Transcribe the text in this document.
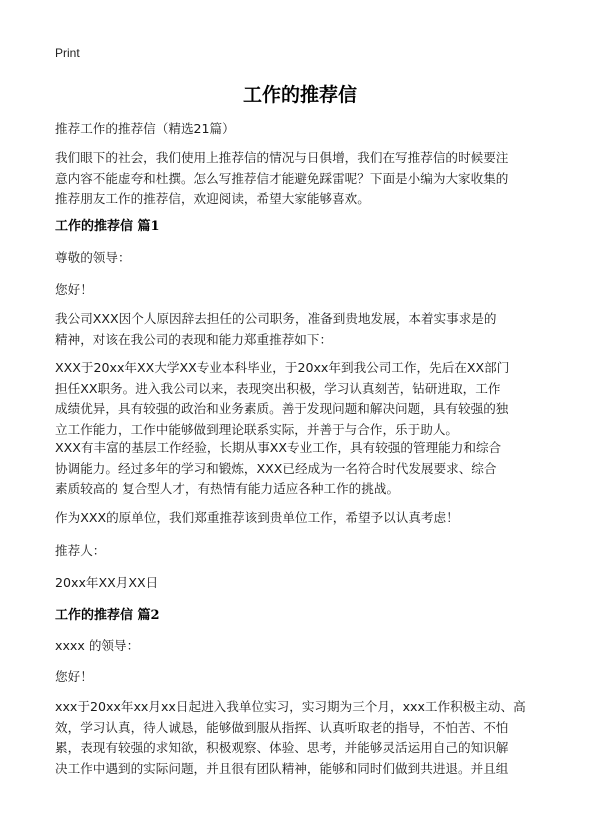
Print
工作的推荐信
推荐工作的推荐信（精选21篇）
我们眼下的社会，我们使用上推荐信的情况与日俱增，我们在写推荐信的时候要注
意内容不能虚夸和杜撰。怎么写推荐信才能避免踩雷呢？下面是小编为大家收集的
推荐朋友工作的推荐信，欢迎阅读，希望大家能够喜欢。
工作的推荐信 篇1
尊敬的领导：
您好！
我公司XXX因个人原因辞去担任的公司职务，准备到贵地发展，本着实事求是的
精神，对该在我公司的表现和能力郑重推荐如下：
XXX于20xx年XX大学XX专业本科毕业，于20xx年到我公司工作，先后在XX部门
担任XX职务。进入我公司以来，表现突出积极，学习认真刻苦，钻研进取，工作
成绩优异，具有较强的政治和业务素质。善于发现问题和解决问题，具有较强的独
立工作能力，工作中能够做到理论联系实际，并善于与合作，乐于助人。
XXX有丰富的基层工作经验，长期从事XX专业工作，具有较强的管理能力和综合
协调能力。经过多年的学习和锻炼，XXX已经成为一名符合时代发展要求、综合
素质较高的 复合型人才，有热情有能力适应各种工作的挑战。
作为XXX的原单位，我们郑重推荐该到贵单位工作，希望予以认真考虑！
推荐人：
20xx年XX月XX日
工作的推荐信 篇2
xxxx 的领导：
您好！
xxx于20xx年xx月xx日起进入我单位实习，实习期为三个月，xxx工作积极主动、高
效，学习认真，待人诚恳，能够做到服从指挥、认真听取老的指导，不怕苦、不怕
累，表现有较强的求知欲，积极观察、体验、思考，并能够灵活运用自己的知识解
决工作中遇到的实际问题，并且很有团队精神，能够和同时们做到共进退。并且组
